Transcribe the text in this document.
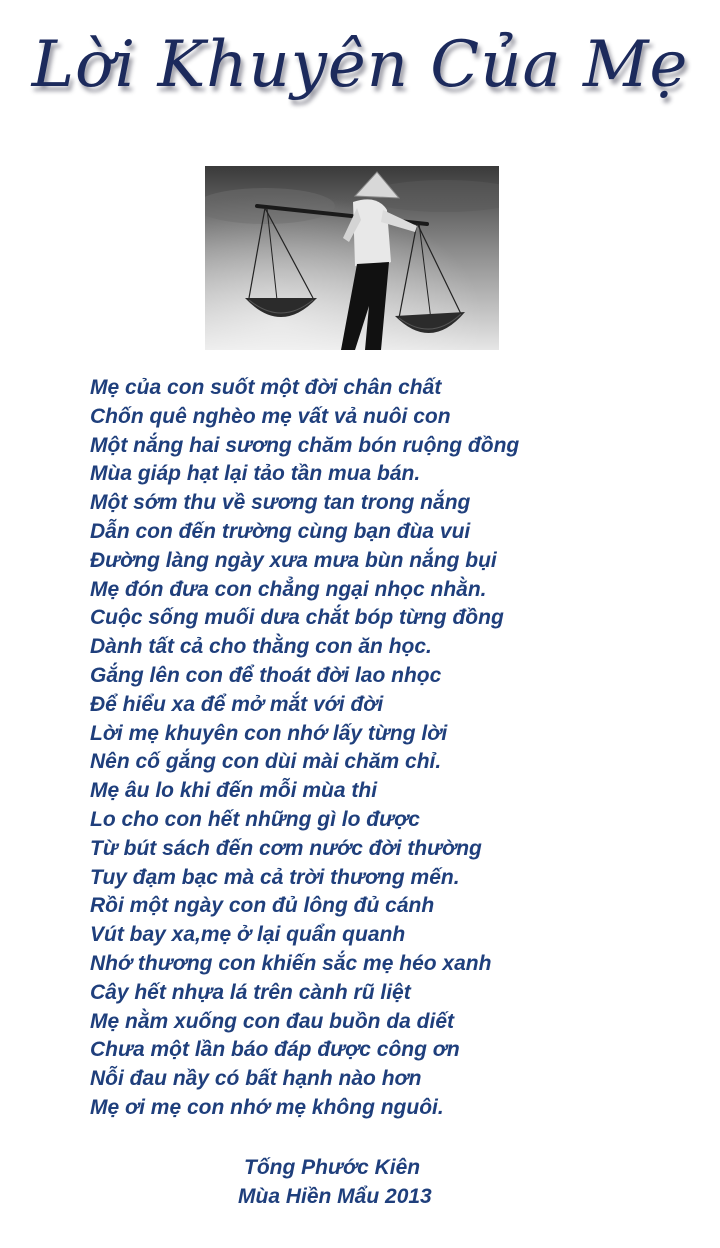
Lời Khuyên Của Mẹ
Mẹ của con suốt một đời chân chất
Chốn quê nghèo mẹ vất vả nuôi con
Một nắng hai sương chăm bón ruộng đồng
Mùa giáp hạt lại tảo tần mua bán.
Một sớm thu về sương tan trong nắng
Dẫn con đến trường cùng bạn đùa vui
Đường làng ngày xưa mưa bùn nắng bụi
Mẹ đón đưa con chẳng ngại nhọc nhằn.
Cuộc sống muối dưa chắt bóp từng đồng
Dành tất cả cho thằng con ăn học.
Gắng lên con để thoát đời lao nhọc
Để hiểu xa để mở mắt với đời
Lời mẹ khuyên con nhớ lấy từng lời
Nên cố gắng con dùi mài chăm chỉ.
Mẹ âu lo khi đến mỗi mùa thi
Lo cho con hết những gì lo được
Từ bút sách đến cơm nước đời thường
Tuy đạm bạc mà cả trời thương mến.
Rồi một ngày con đủ lông đủ cánh
Vút bay xa,mẹ ở lại quẩn quanh
Nhớ thương con khiến sắc mẹ héo xanh
Cây hết nhựa lá trên cành rũ liệt
Mẹ nằm xuống con đau buồn da diết
Chưa một lần báo đáp được công ơn
Nỗi đau nầy có bất hạnh nào hơn
Mẹ ơi mẹ con nhớ mẹ không nguôi.
Tống Phước Kiên
Mùa Hiền Mẩu 2013
